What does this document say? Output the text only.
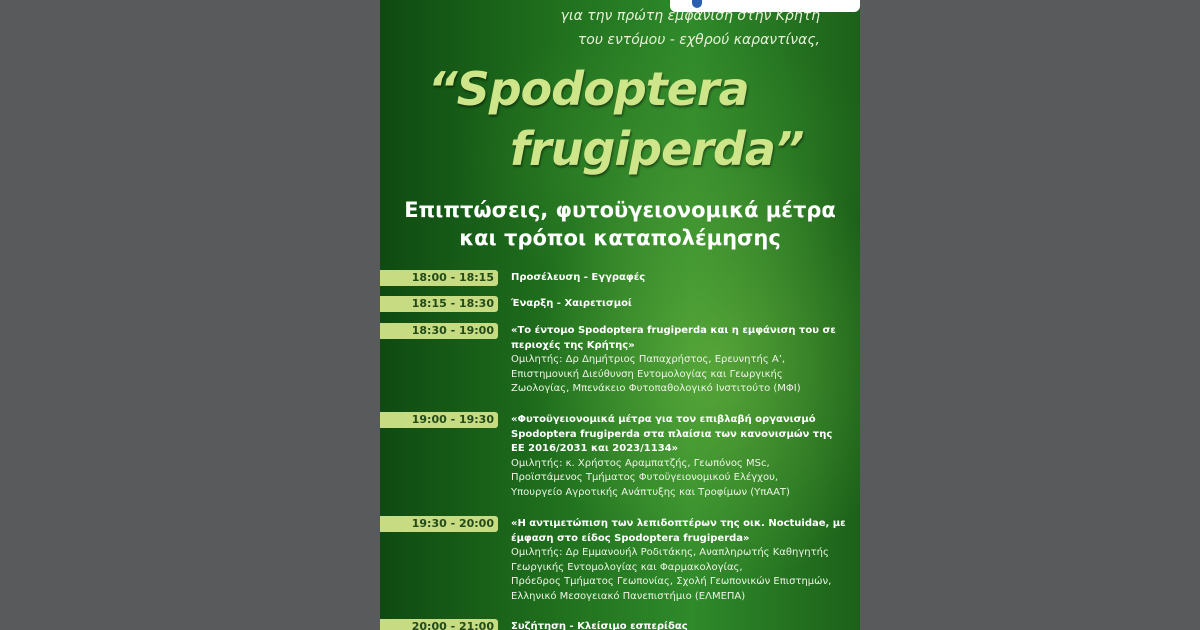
για την πρώτη εμφάνιση στην Κρήτη
του εντόμου - εχθρού καραντίνας,
“Spodoptera
frugiperda”
Επιπτώσεις, φυτοϋγειονομικά μέτρα
και τρόποι καταπολέμησης
18:00 - 18:15	Προσέλευση - Εγγραφές
18:15 - 18:30	Έναρξη - Χαιρετισμοί
18:30 - 19:00	«Το έντομο Spodoptera frugiperda και η εμφάνιση του σε περιοχές της Κρήτης»
Ομιλητής: Δρ Δημήτριος Παπαχρήστος, Ερευνητής Α’,
Επιστημονική Διεύθυνση Εντομολογίας και Γεωργικής
Ζωολογίας, Μπενάκειο Φυτοπαθολογικό Ινστιτούτο (ΜΦΙ)
19:00 - 19:30	«Φυτοϋγειονομικά μέτρα για τον επιβλαβή οργανισμό Spodoptera frugiperda στα πλαίσια των κανονισμών της ΕΕ 2016/2031 και 2023/1134»
Ομιλητής: κ. Χρήστος Αραμπατζής, Γεωπόνος MSc,
Προϊστάμενος Τμήματος Φυτοϋγειονομικού Ελέγχου,
Υπουργείο Αγροτικής Ανάπτυξης και Τροφίμων (ΥπΑΑΤ)
19:30 - 20:00	«Η αντιμετώπιση των λεπιδοπτέρων της οικ. Noctuidae, με έμφαση στο είδος Spodoptera frugiperda»
Ομιλητής: Δρ Εμμανουήλ Ροδιτάκης, Αναπληρωτής Καθηγητής
Γεωργικής Εντομολογίας και Φαρμακολογίας,
Πρόεδρος Τμήματος Γεωπονίας, Σχολή Γεωπονικών Επιστημών,
Ελληνικό Μεσογειακό Πανεπιστήμιο (ΕΛΜΕΠΑ)
20:00 - 21:00	Συζήτηση - Κλείσιμο εσπερίδας
